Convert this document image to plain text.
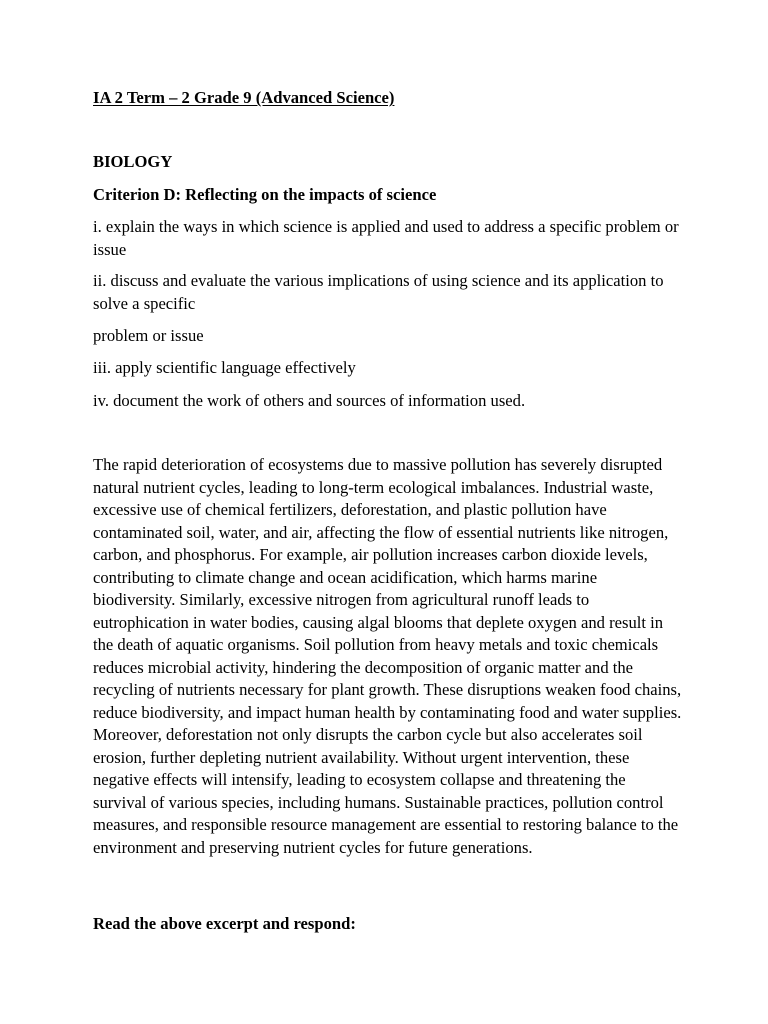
IA 2 Term – 2 Grade 9 (Advanced Science)
BIOLOGY
Criterion D: Reflecting on the impacts of science
i. explain the ways in which science is applied and used to address a specific problem or issue
ii. discuss and evaluate the various implications of using science and its application to solve a specific
problem or issue
iii. apply scientific language effectively
iv. document the work of others and sources of information used.
The rapid deterioration of ecosystems due to massive pollution has severely disrupted natural nutrient cycles, leading to long-term ecological imbalances. Industrial waste, excessive use of chemical fertilizers, deforestation, and plastic pollution have contaminated soil, water, and air, affecting the flow of essential nutrients like nitrogen, carbon, and phosphorus. For example, air pollution increases carbon dioxide levels, contributing to climate change and ocean acidification, which harms marine biodiversity. Similarly, excessive nitrogen from agricultural runoff leads to eutrophication in water bodies, causing algal blooms that deplete oxygen and result in the death of aquatic organisms. Soil pollution from heavy metals and toxic chemicals reduces microbial activity, hindering the decomposition of organic matter and the recycling of nutrients necessary for plant growth. These disruptions weaken food chains, reduce biodiversity, and impact human health by contaminating food and water supplies. Moreover, deforestation not only disrupts the carbon cycle but also accelerates soil erosion, further depleting nutrient availability. Without urgent intervention, these negative effects will intensify, leading to ecosystem collapse and threatening the survival of various species, including humans. Sustainable practices, pollution control measures, and responsible resource management are essential to restoring balance to the environment and preserving nutrient cycles for future generations.
Read the above excerpt and respond:
